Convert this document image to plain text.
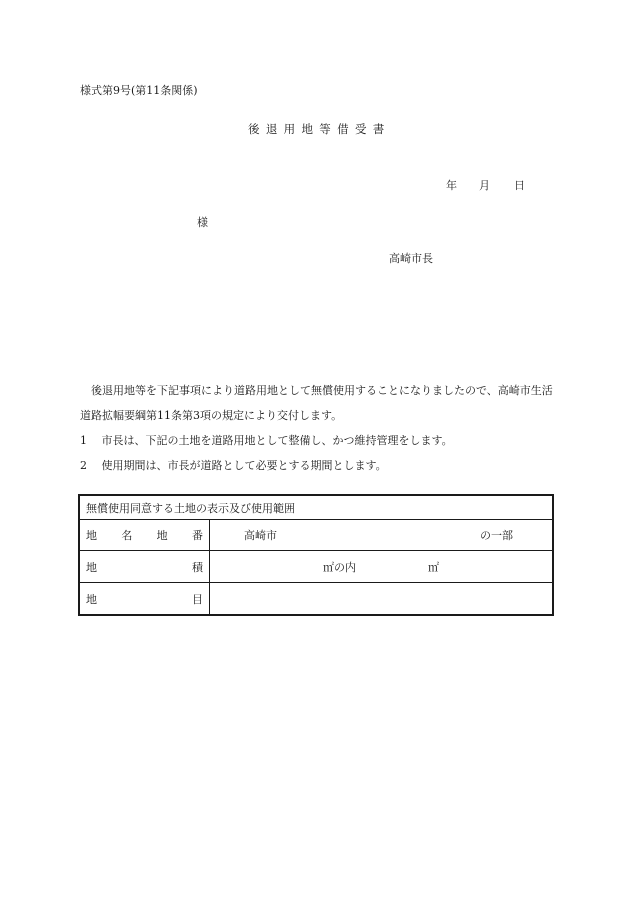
様式第9号(第11条関係)
後退用地等借受書
年 月 日
様
高崎市長
後退用地等を下記事項により道路用地として無償使用することになりましたので、高崎市生活道路拡幅要綱第11条第3項の規定により交付します。
1 市長は、下記の土地を道路用地として整備し、かつ維持管理をします。
2 使用期間は、市長が道路として必要とする期間とします。
無償使用同意する土地の表示及び使用範囲	

地 名 地 番	高崎市 の一部

地 積	㎡の内 ㎡

地 目	
